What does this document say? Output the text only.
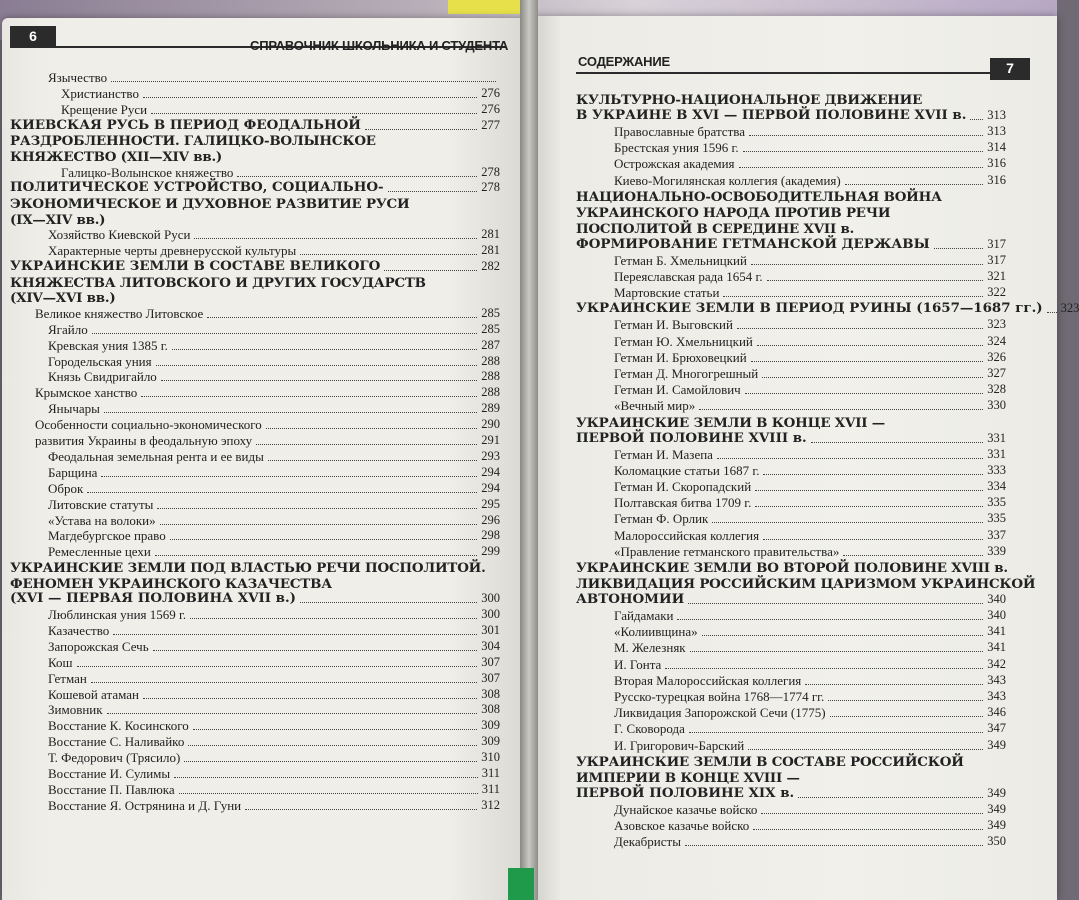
6
СПРАВОЧНИК ШКОЛЬНИКА И СТУДЕНТА
Язычество
Христианство	276
Крещение Руси	276
КИЕВСКАЯ РУСЬ В ПЕРИОД ФЕОДАЛЬНОЙ	277
РАЗДРОБЛЕННОСТИ. ГАЛИЦКО-ВОЛЫНСКОЕ
КНЯЖЕСТВО (XII—XIV вв.)
Галицко-Волынское княжество	278
ПОЛИТИЧЕСКОЕ УСТРОЙСТВО, СОЦИАЛЬНО-	278
ЭКОНОМИЧЕСКОЕ И ДУХОВНОЕ РАЗВИТИЕ РУСИ
(IX—XIV вв.)
Хозяйство Киевской Руси	281
Характерные черты древнерусской культуры	281
УКРАИНСКИЕ ЗЕМЛИ В СОСТАВЕ ВЕЛИКОГО	282
КНЯЖЕСТВА ЛИТОВСКОГО И ДРУГИХ ГОСУДАРСТВ
(XIV—XVI вв.)
Великое княжество Литовское	285
Ягайло	285
Кревская уния 1385 г.	287
Городельская уния	288
Князь Свидригайло	288
Крымское ханство	288
Янычары	289
Особенности социально-экономического	290
развития Украины в феодальную эпоху	291
Феодальная земельная рента и ее виды	293
Барщина	294
Оброк	294
Литовские статуты	295
«Устава на волоки»	296
Магдебургское право	298
Ремесленные цехи	299
УКРАИНСКИЕ ЗЕМЛИ ПОД ВЛАСТЬЮ РЕЧИ ПОСПОЛИТОЙ.
ФЕНОМЕН УКРАИНСКОГО КАЗАЧЕСТВА
(XVI — ПЕРВАЯ ПОЛОВИНА XVII в.)	300
Люблинская уния 1569 г.	300
Казачество	301
Запорожская Сечь	304
Кош	307
Гетман	307
Кошевой атаман	308
Зимовник	308
Восстание К. Косинского	309
Восстание С. Наливайко	309
Т. Федорович (Трясило)	310
Восстание И. Сулимы	311
Восстание П. Павлюка	311
Восстание Я. Острянина и Д. Гуни	312
СОДЕРЖАНИЕ	7
КУЛЬТУРНО-НАЦИОНАЛЬНОЕ ДВИЖЕНИЕ
В УКРАИНЕ В XVI — ПЕРВОЙ ПОЛОВИНЕ XVII в. 313
Православные братства	313
Брестская уния 1596 г.	314
Острожская академия	316
Киево-Могилянская коллегия (академия)	316
НАЦИОНАЛЬНО-ОСВОБОДИТЕЛЬНАЯ ВОЙНА
УКРАИНСКОГО НАРОДА ПРОТИВ РЕЧИ
ПОСПОЛИТОЙ В СЕРЕДИНЕ XVII в.
ФОРМИРОВАНИЕ ГЕТМАНСКОЙ ДЕРЖАВЫ	317
Гетман Б. Хмельницкий	317
Переяславская рада 1654 г.	321
Мартовские статьи	322
УКРАИНСКИЕ ЗЕМЛИ В ПЕРИОД РУИНЫ (1657—1687 гг.) 323
Гетман И. Выговский	323
Гетман Ю. Хмельницкий	324
Гетман И. Брюховецкий	326
Гетман Д. Многогрешный	327
Гетман И. Самойлович	328
«Вечный мир»	330
УКРАИНСКИЕ ЗЕМЛИ В КОНЦЕ XVII —
ПЕРВОЙ ПОЛОВИНЕ XVIII в.	331
Гетман И. Мазепа	331
Коломацкие статьи 1687 г.	333
Гетман И. Скоропадский	334
Полтавская битва 1709 г.	335
Гетман Ф. Орлик	335
Малороссийская коллегия	337
«Правление гетманского правительства»	339
УКРАИНСКИЕ ЗЕМЛИ ВО ВТОРОЙ ПОЛОВИНЕ XVIII в.
ЛИКВИДАЦИЯ РОССИЙСКИМ ЦАРИЗМОМ УКРАИНСКОЙ
АВТОНОМИИ	340
Гайдамаки	340
«Колиивщина»	341
М. Железняк	341
И. Гонта	342
Вторая Малороссийская коллегия	343
Русско-турецкая война 1768—1774 гг.	343
Ликвидация Запорожской Сечи (1775)	346
Г. Сковорода	347
И. Григорович-Барский	349
УКРАИНСКИЕ ЗЕМЛИ В СОСТАВЕ РОССИЙСКОЙ
ИМПЕРИИ В КОНЦЕ XVIII —
ПЕРВОЙ ПОЛОВИНЕ XIX в.	349
Дунайское казачье войско	349
Азовское казачье войско	349
Декабристы	350
